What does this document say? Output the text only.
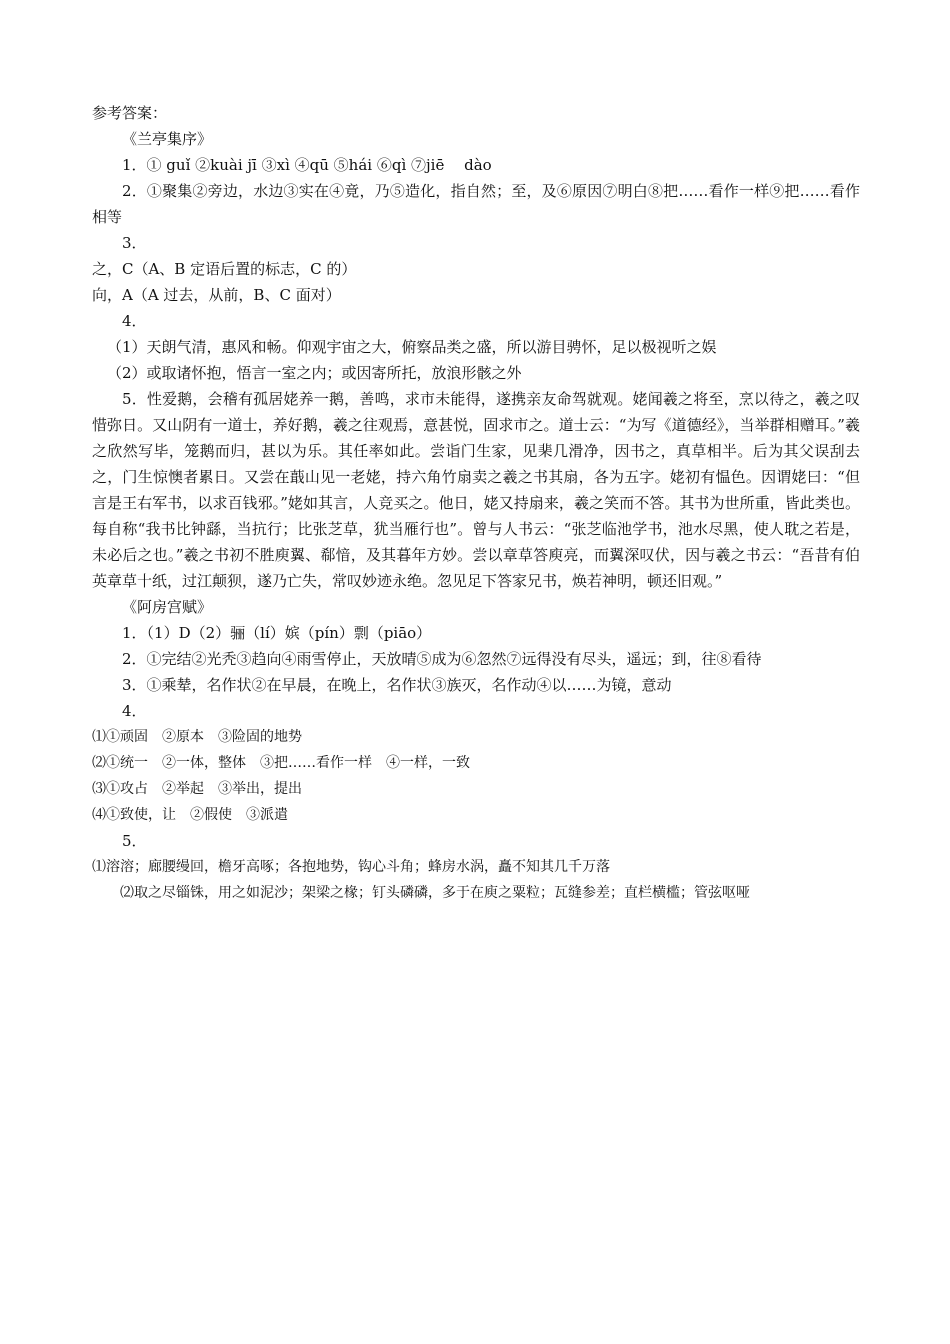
参考答案：

《兰亭集序》

1．① guǐ ②kuài jī ③xì ④qū ⑤hái ⑥qì ⑦jiē　 dào

2．①聚集②旁边，水边③实在④竟，乃⑤造化，指自然；至，及⑥原因⑦明白⑧把……看作一样⑨把……看作相等

3．

之，C（A、B 定语后置的标志，C 的）

向，A（A 过去，从前，B、C 面对）

4．

（1）天朗气清，惠风和畅。仰观宇宙之大，俯察品类之盛，所以游目骋怀，足以极视听之娱

（2）或取诸怀抱，悟言一室之内；或因寄所托，放浪形骸之外

5．性爱鹅，会稽有孤居姥养一鹅，善鸣，求市未能得，遂携亲友命驾就观。姥闻羲之将至，烹以待之，羲之叹惜弥日。又山阴有一道士，养好鹅，羲之往观焉，意甚悦，固求市之。道士云：“为写《道德经》，当举群相赠耳。”羲之欣然写毕，笼鹅而归，甚以为乐。其任率如此。尝诣门生家，见棐几滑净，因书之，真草相半。后为其父误刮去之，门生惊懊者累日。又尝在蕺山见一老姥，持六角竹扇卖之羲之书其扇，各为五字。姥初有愠色。因谓姥曰：“但言是王右军书，以求百钱邪。”姥如其言，人竞买之。他日，姥又持扇来，羲之笑而不答。其书为世所重，皆此类也。每自称“我书比钟繇，当抗行；比张芝草，犹当雁行也”。曾与人书云：“张芝临池学书，池水尽黑，使人耽之若是，未必后之也。”羲之书初不胜庾翼、郗愔，及其暮年方妙。尝以章草答庾亮，而翼深叹伏，因与羲之书云：“吾昔有伯英章草十纸，过江颠狈，遂乃亡失，常叹妙迹永绝。忽见足下答家兄书，焕若神明，顿还旧观。”

《阿房宫赋》

1．（1）D（2）骊（lí）嫔（pín）剽（piāo）

2．①完结②光秃③趋向④雨雪停止，天放晴⑤成为⑥忽然⑦远得没有尽头，遥远；到，往⑧看待

3．①乘辇，名作状②在早晨，在晚上，名作状③族灭，名作动④以……为镜，意动

4．

⑴①顽固　②原本　③险固的地势

⑵①统一　②一体，整体　③把……看作一样　④一样，一致

⑶①攻占　②举起　③举出，提出

⑷①致使，让　②假使　③派遣

5．

⑴溶溶；廊腰缦回，檐牙高啄；各抱地势，钩心斗角；蜂房水涡，矗不知其几千万落

⑵取之尽锱铢，用之如泥沙；架梁之椽；钉头磷磷，多于在庾之粟粒；瓦缝参差；直栏横槛；管弦呕哑
